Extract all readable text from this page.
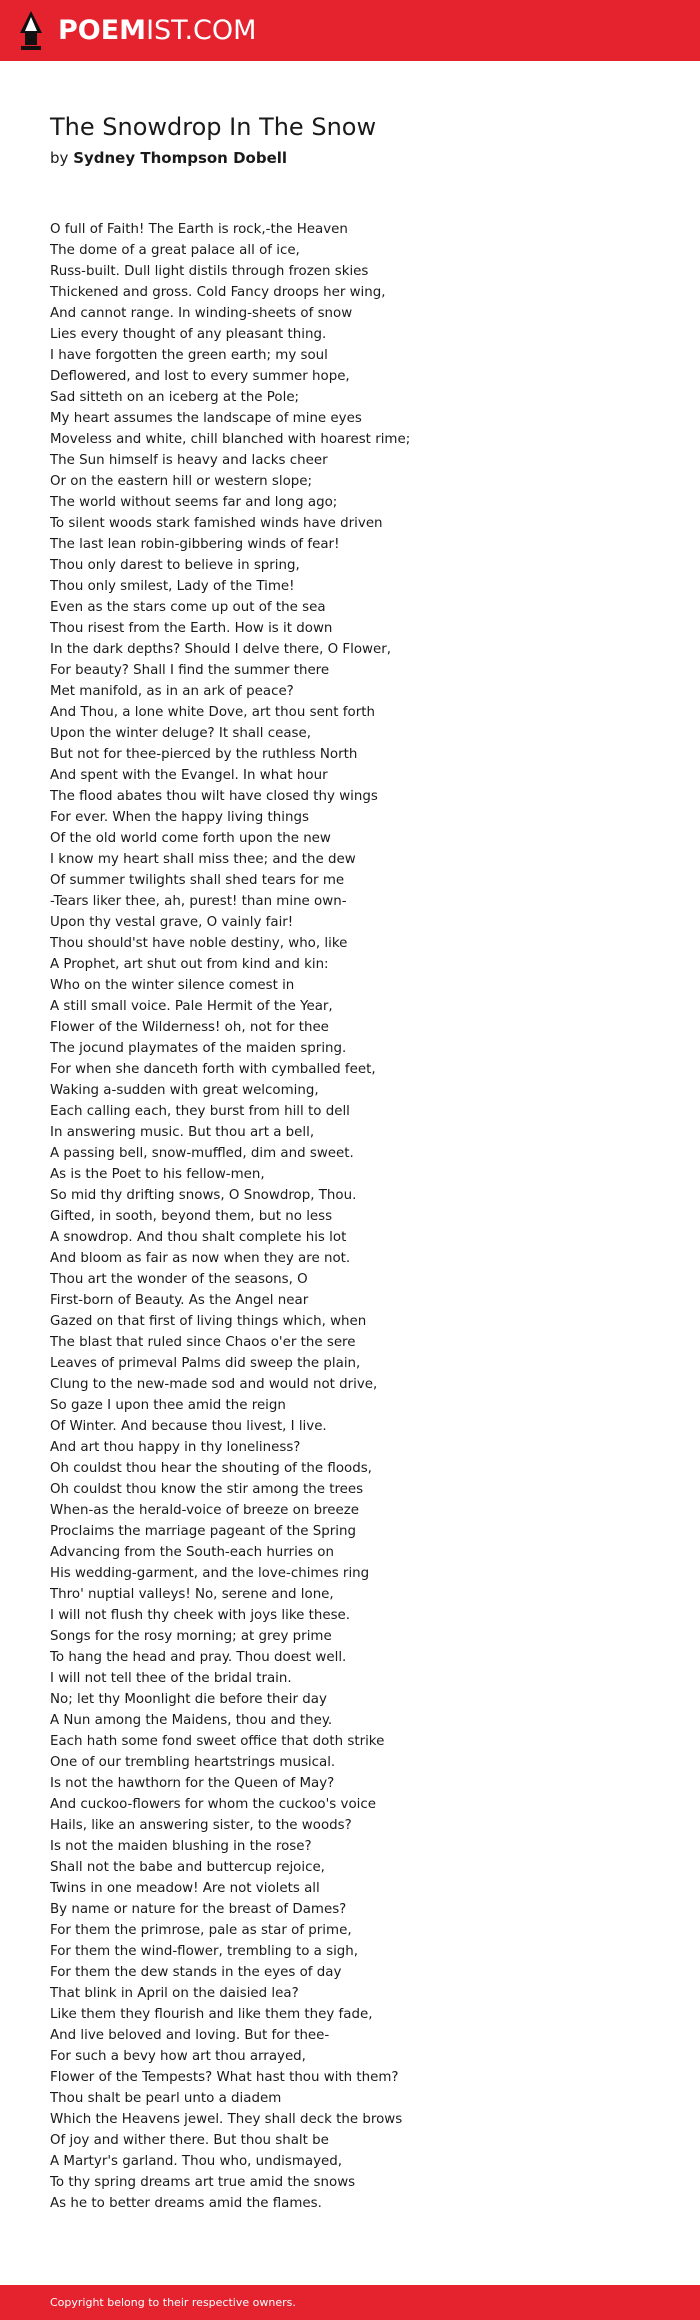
POEMIST.COM
The Snowdrop In The Snow
by Sydney Thompson Dobell
O full of Faith! The Earth is rock,-the Heaven
The dome of a great palace all of ice,
Russ-built. Dull light distils through frozen skies
Thickened and gross. Cold Fancy droops her wing,
And cannot range. In winding-sheets of snow
Lies every thought of any pleasant thing.
I have forgotten the green earth; my soul
Deflowered, and lost to every summer hope,
Sad sitteth on an iceberg at the Pole;
My heart assumes the landscape of mine eyes
Moveless and white, chill blanched with hoarest rime;
The Sun himself is heavy and lacks cheer
Or on the eastern hill or western slope;
The world without seems far and long ago;
To silent woods stark famished winds have driven
The last lean robin-gibbering winds of fear!
Thou only darest to believe in spring,
Thou only smilest, Lady of the Time!
Even as the stars come up out of the sea
Thou risest from the Earth. How is it down
In the dark depths? Should I delve there, O Flower,
For beauty? Shall I find the summer there
Met manifold, as in an ark of peace?
And Thou, a lone white Dove, art thou sent forth
Upon the winter deluge? It shall cease,
But not for thee-pierced by the ruthless North
And spent with the Evangel. In what hour
The flood abates thou wilt have closed thy wings
For ever. When the happy living things
Of the old world come forth upon the new
I know my heart shall miss thee; and the dew
Of summer twilights shall shed tears for me
-Tears liker thee, ah, purest! than mine own-
Upon thy vestal grave, O vainly fair!
Thou should'st have noble destiny, who, like
A Prophet, art shut out from kind and kin:
Who on the winter silence comest in
A still small voice. Pale Hermit of the Year,
Flower of the Wilderness! oh, not for thee
The jocund playmates of the maiden spring.
For when she danceth forth with cymballed feet,
Waking a-sudden with great welcoming,
Each calling each, they burst from hill to dell
In answering music. But thou art a bell,
A passing bell, snow-muffled, dim and sweet.
As is the Poet to his fellow-men,
So mid thy drifting snows, O Snowdrop, Thou.
Gifted, in sooth, beyond them, but no less
A snowdrop. And thou shalt complete his lot
And bloom as fair as now when they are not.
Thou art the wonder of the seasons, O
First-born of Beauty. As the Angel near
Gazed on that first of living things which, when
The blast that ruled since Chaos o'er the sere
Leaves of primeval Palms did sweep the plain,
Clung to the new-made sod and would not drive,
So gaze I upon thee amid the reign
Of Winter. And because thou livest, I live.
And art thou happy in thy loneliness?
Oh couldst thou hear the shouting of the floods,
Oh couldst thou know the stir among the trees
When-as the herald-voice of breeze on breeze
Proclaims the marriage pageant of the Spring
Advancing from the South-each hurries on
His wedding-garment, and the love-chimes ring
Thro' nuptial valleys! No, serene and lone,
I will not flush thy cheek with joys like these.
Songs for the rosy morning; at grey prime
To hang the head and pray. Thou doest well.
I will not tell thee of the bridal train.
No; let thy Moonlight die before their day
A Nun among the Maidens, thou and they.
Each hath some fond sweet office that doth strike
One of our trembling heartstrings musical.
Is not the hawthorn for the Queen of May?
And cuckoo-flowers for whom the cuckoo's voice
Hails, like an answering sister, to the woods?
Is not the maiden blushing in the rose?
Shall not the babe and buttercup rejoice,
Twins in one meadow! Are not violets all
By name or nature for the breast of Dames?
For them the primrose, pale as star of prime,
For them the wind-flower, trembling to a sigh,
For them the dew stands in the eyes of day
That blink in April on the daisied lea?
Like them they flourish and like them they fade,
And live beloved and loving. But for thee-
For such a bevy how art thou arrayed,
Flower of the Tempests? What hast thou with them?
Thou shalt be pearl unto a diadem
Which the Heavens jewel. They shall deck the brows
Of joy and wither there. But thou shalt be
A Martyr's garland. Thou who, undismayed,
To thy spring dreams art true amid the snows
As he to better dreams amid the flames.
Copyright belong to their respective owners.
